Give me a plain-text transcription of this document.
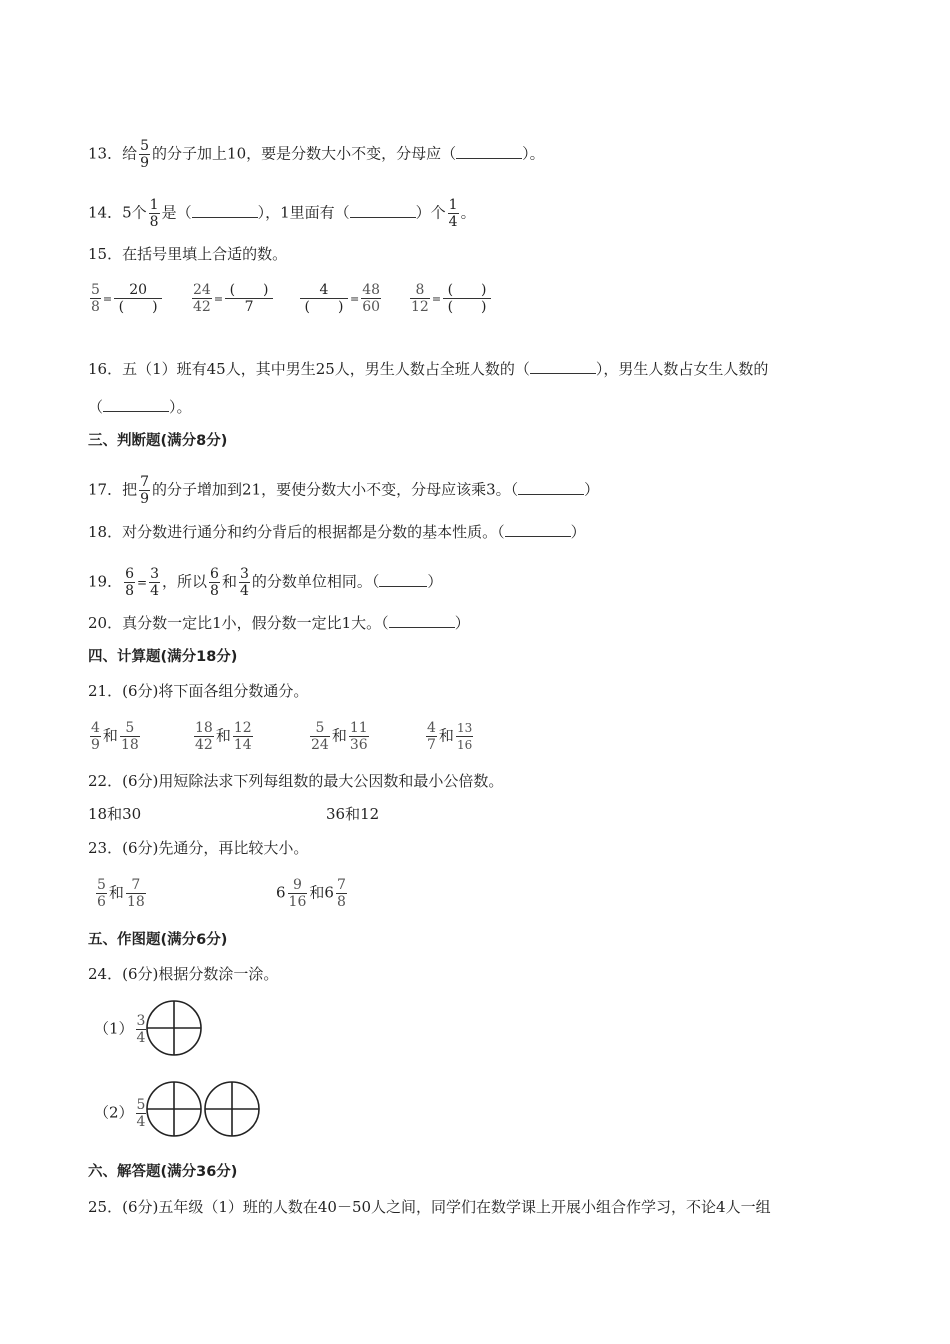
13．给 $\frac{5}{9}$ 的分子加上10，要是分数大小不变，分母应（	）。
14．5个 $\frac{1}{8}$ 是（	），1里面有（	）个 $\frac{1}{4}$ 。
15．在括号里填上合适的数。
$\frac{5}{8} = \frac{20}{( )} \frac{24}{42} = \frac{( )}{7} \frac{4}{( )} = \frac{48}{60} \frac{8}{12} = \frac{( )}{( )}$
16．五（1）班有45人，其中男生25人，男生人数占全班人数的（	），男生人数占女生人数的
（	）。
三、判断题(满分8分)
17．把 $\frac{7}{9}$ 的分子增加到21，要使分数大小不变，分母应该乘3。（	）
18．对分数进行通分和约分背后的根据都是分数的基本性质。（	）
19． $\frac{6}{8} = \frac{3}{4}$ ，所以 $\frac{6}{8}$ 和 $\frac{3}{4}$ 的分数单位相同。（	）
20．真分数一定比1小，假分数一定比1大。（	）
四、计算题(满分18分)
21．(6分)将下面各组分数通分。
$\frac{4}{9}$ 和 $\frac{5}{18}$	$\frac{18}{42}$ 和 $\frac{12}{14}$	$\frac{5}{24}$ 和 $\frac{11}{36}$	$\frac{4}{7}$ 和 $\frac{13}{16}$
22．(6分)用短除法求下列每组数的最大公因数和最小公倍数。
18和30	36和12
23．(6分)先通分，再比较大小。
$\frac{5}{6}$ 和 $\frac{7}{18}$	$6 \frac{9}{16}$ 和$6 \frac{7}{8}$
五、作图题(满分6分)
24．(6分)根据分数涂一涂。
$(1) \frac{3}{4}$
$(2) \frac{5}{4}$
六、解答题(满分36分)
25．(6分)五年级（1）班的人数在40－50人之间，同学们在数学课上开展小组合作学习，不论4人一组
